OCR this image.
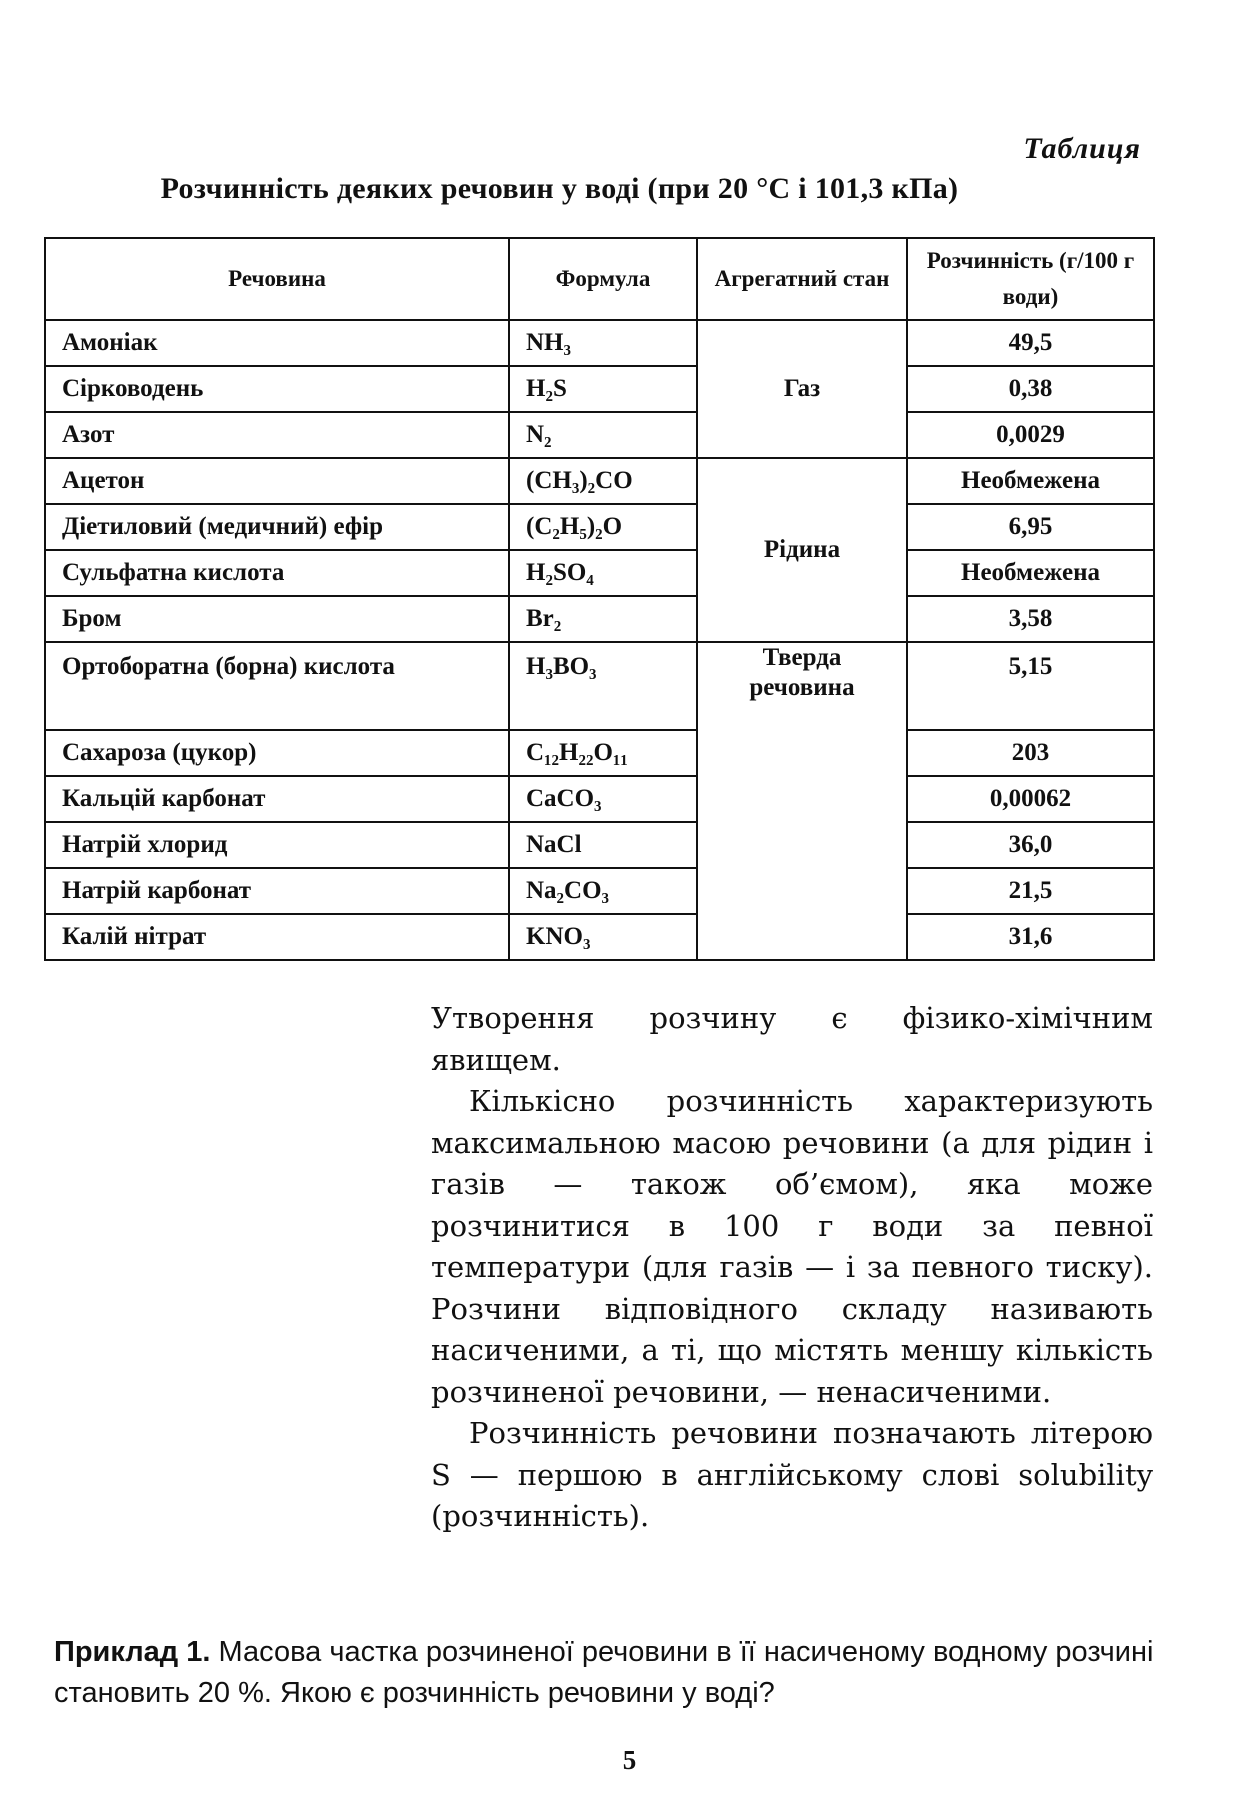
Таблиця
Розчинність деяких речовин у воді (при 20 °C і 101,3 кПа)
Речовина	Формула	Агрегатний стан	Розчинність (г/100 г води)
Амоніак	NH₃	Газ	49,5
Сірководень	H₂S		0,38
Азот	N₂		0,0029
Ацетон	(CH₃)₂CO	Рідина	Необмежена
Діетиловий (медичний) ефір	(C₂H₅)₂O		6,95
Сульфатна кислота	H₂SO₄		Необмежена
Бром	Br₂		3,58
Ортоборатна (борна) кислота	H₃BO₃	Тверда речовина	5,15
Сахароза (цукор)	C₁₂H₂₂O₁₁		203
Кальцій карбонат	CaCO₃		0,00062
Натрій хлорид	NaCl		36,0
Натрій карбонат	Na₂CO₃		21,5
Калій нітрат	KNO₃		31,6

Утворення розчину є фізико-хімічним явищем.

Кількісно розчинність характеризують максимальною масою речовини (а для рідин і газів — також об’ємом), яка може розчинитися в 100 г води за певної температури (для газів — і за певного тиску). Розчини відповідного складу називають насиченими, а ті, що містять меншу кількість розчиненої речовини, — ненасиченими.

Розчинність речовини позначають літерою S — першою в англійському слові solubility (розчинність).

Приклад 1. Масова частка розчиненої речовини в її насиченому водному розчині становить 20 %. Якою є розчинність речовини у воді?
5
